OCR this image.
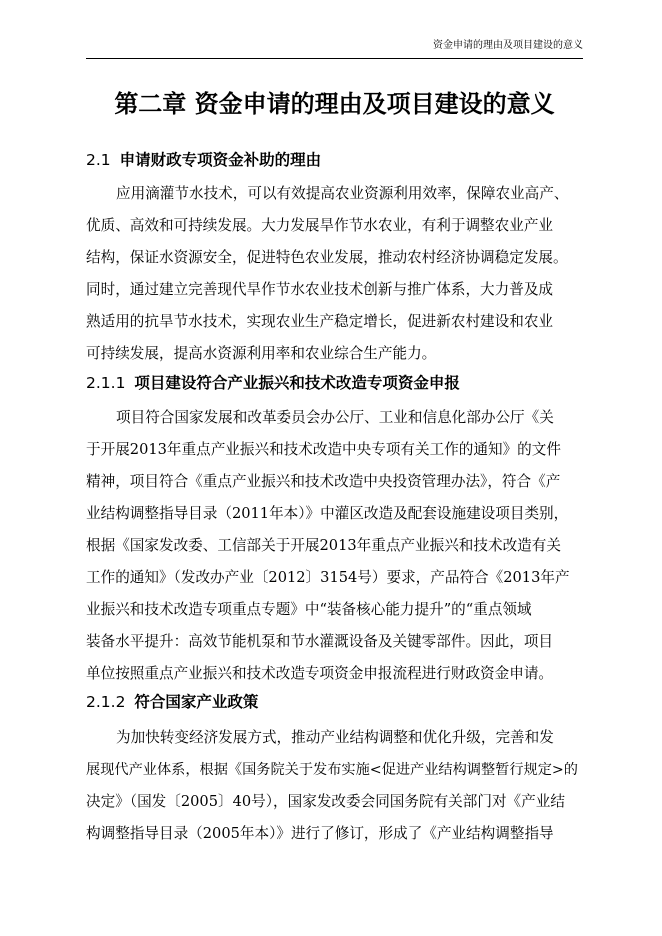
资金申请的理由及项目建设的意义
第二章 资金申请的理由及项目建设的意义
2.1 申请财政专项资金补助的理由
应用滴灌节水技术，可以有效提高农业资源利用效率，保障农业高产、
优质、高效和可持续发展。大力发展旱作节水农业，有利于调整农业产业
结构，保证水资源安全，促进特色农业发展，推动农村经济协调稳定发展。
同时，通过建立完善现代旱作节水农业技术创新与推广体系，大力普及成
熟适用的抗旱节水技术，实现农业生产稳定增长，促进新农村建设和农业
可持续发展，提高水资源利用率和农业综合生产能力。
2.1.1 项目建设符合产业振兴和技术改造专项资金申报
项目符合国家发展和改革委员会办公厅、工业和信息化部办公厅《关
于开展2013年重点产业振兴和技术改造中央专项有关工作的通知》的文件
精神，项目符合《重点产业振兴和技术改造中央投资管理办法》，符合《产
业结构调整指导目录（2011年本）》中灌区改造及配套设施建设项目类别，
根据《国家发改委、工信部关于开展2013年重点产业振兴和技术改造有关
工作的通知》（发改办产业〔2012〕3154号）要求，产品符合《2013年产
业振兴和技术改造专项重点专题》中“装备核心能力提升”的“重点领域
装备水平提升：高效节能机泵和节水灌溉设备及关键零部件。因此，项目
单位按照重点产业振兴和技术改造专项资金申报流程进行财政资金申请。
2.1.2 符合国家产业政策
为加快转变经济发展方式，推动产业结构调整和优化升级，完善和发
展现代产业体系，根据《国务院关于发布实施<促进产业结构调整暂行规定>的
决定》（国发〔2005〕40号），国家发改委会同国务院有关部门对《产业结
构调整指导目录（2005年本）》进行了修订，形成了《产业结构调整指导
